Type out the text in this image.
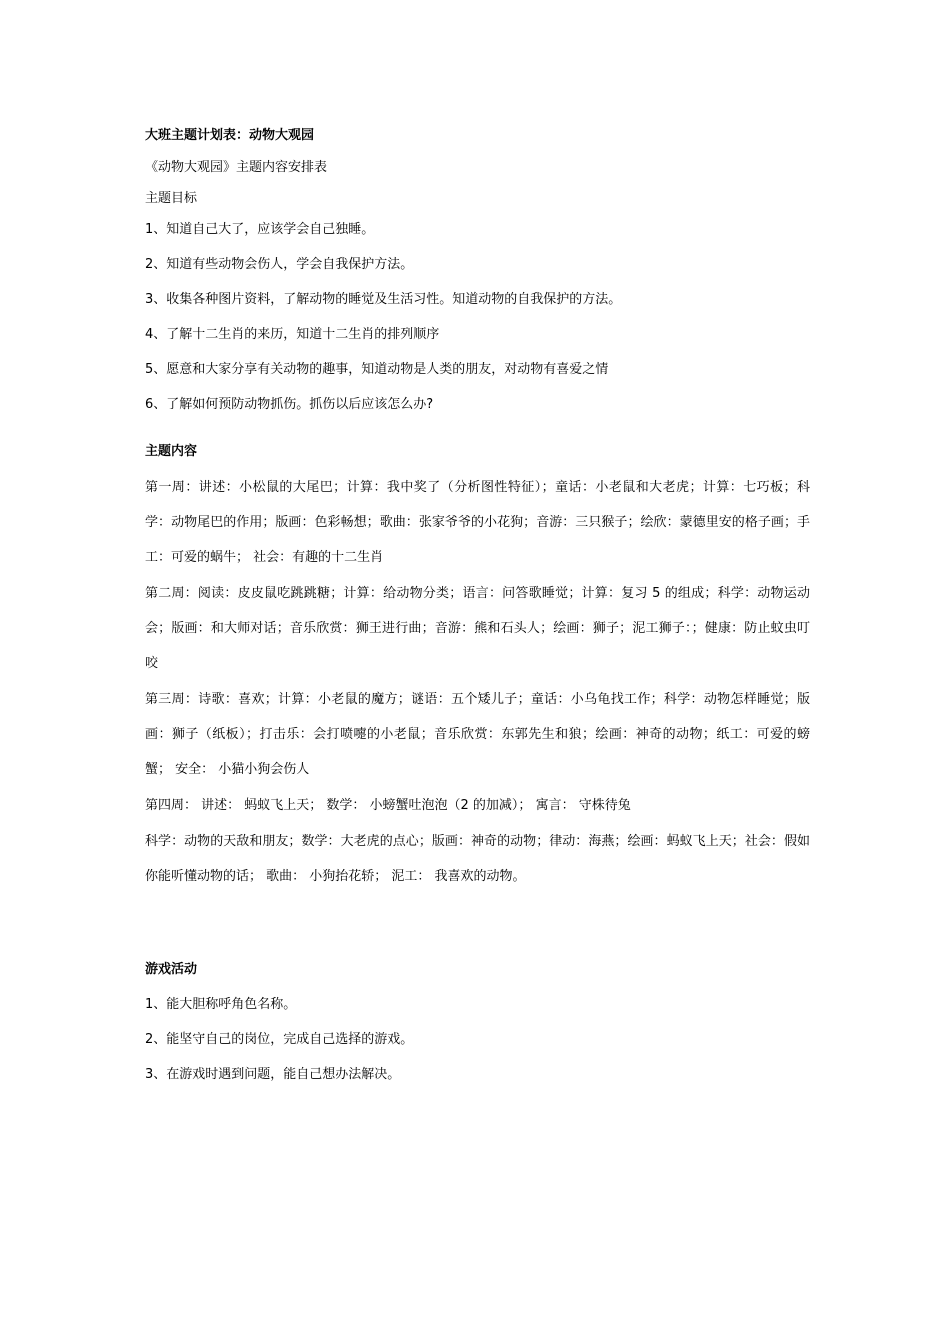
大班主题计划表：动物大观园
《动物大观园》主题内容安排表
主题目标
1、知道自己大了，应该学会自己独睡。
2、知道有些动物会伤人，学会自我保护方法。
3、收集各种图片资料，了解动物的睡觉及生活习性。知道动物的自我保护的方法。
4、了解十二生肖的来历，知道十二生肖的排列顺序
5、愿意和大家分享有关动物的趣事，知道动物是人类的朋友，对动物有喜爱之情
6、了解如何预防动物抓伤。抓伤以后应该怎么办?
主题内容
第一周：讲述：小松鼠的大尾巴；计算：我中奖了（分析图性特征）；童话：小老鼠和大老虎；计算：七巧板；科学：动物尾巴的作用；版画：色彩畅想；歌曲：张家爷爷的小花狗；音游：三只猴子；绘欣：蒙德里安的格子画；手工：可爱的蜗牛； 社会：有趣的十二生肖
第二周：阅读：皮皮鼠吃跳跳糖；计算：给动物分类；语言：问答歌睡觉；计算：复习 5 的组成；科学：动物运动会；版画：和大师对话；音乐欣赏：狮王进行曲；音游：熊和石头人；绘画：狮子；泥工狮子：；健康：防止蚊虫叮咬
第三周：诗歌：喜欢；计算：小老鼠的魔方；谜语：五个矮儿子；童话：小乌龟找工作；科学：动物怎样睡觉；版画：狮子（纸板）；打击乐：会打喷嚏的小老鼠；音乐欣赏：东郭先生和狼；绘画：神奇的动物；纸工：可爱的螃蟹； 安全： 小猫小狗会伤人
第四周： 讲述： 蚂蚁飞上天； 数学： 小螃蟹吐泡泡（2 的加减）； 寓言： 守株待兔
科学：动物的天敌和朋友；数学：大老虎的点心；版画：神奇的动物；律动：海燕；绘画：蚂蚁飞上天；社会：假如你能听懂动物的话； 歌曲： 小狗抬花轿； 泥工： 我喜欢的动物。
游戏活动
1、能大胆称呼角色名称。
2、能坚守自己的岗位，完成自己选择的游戏。
3、在游戏时遇到问题，能自己想办法解决。
